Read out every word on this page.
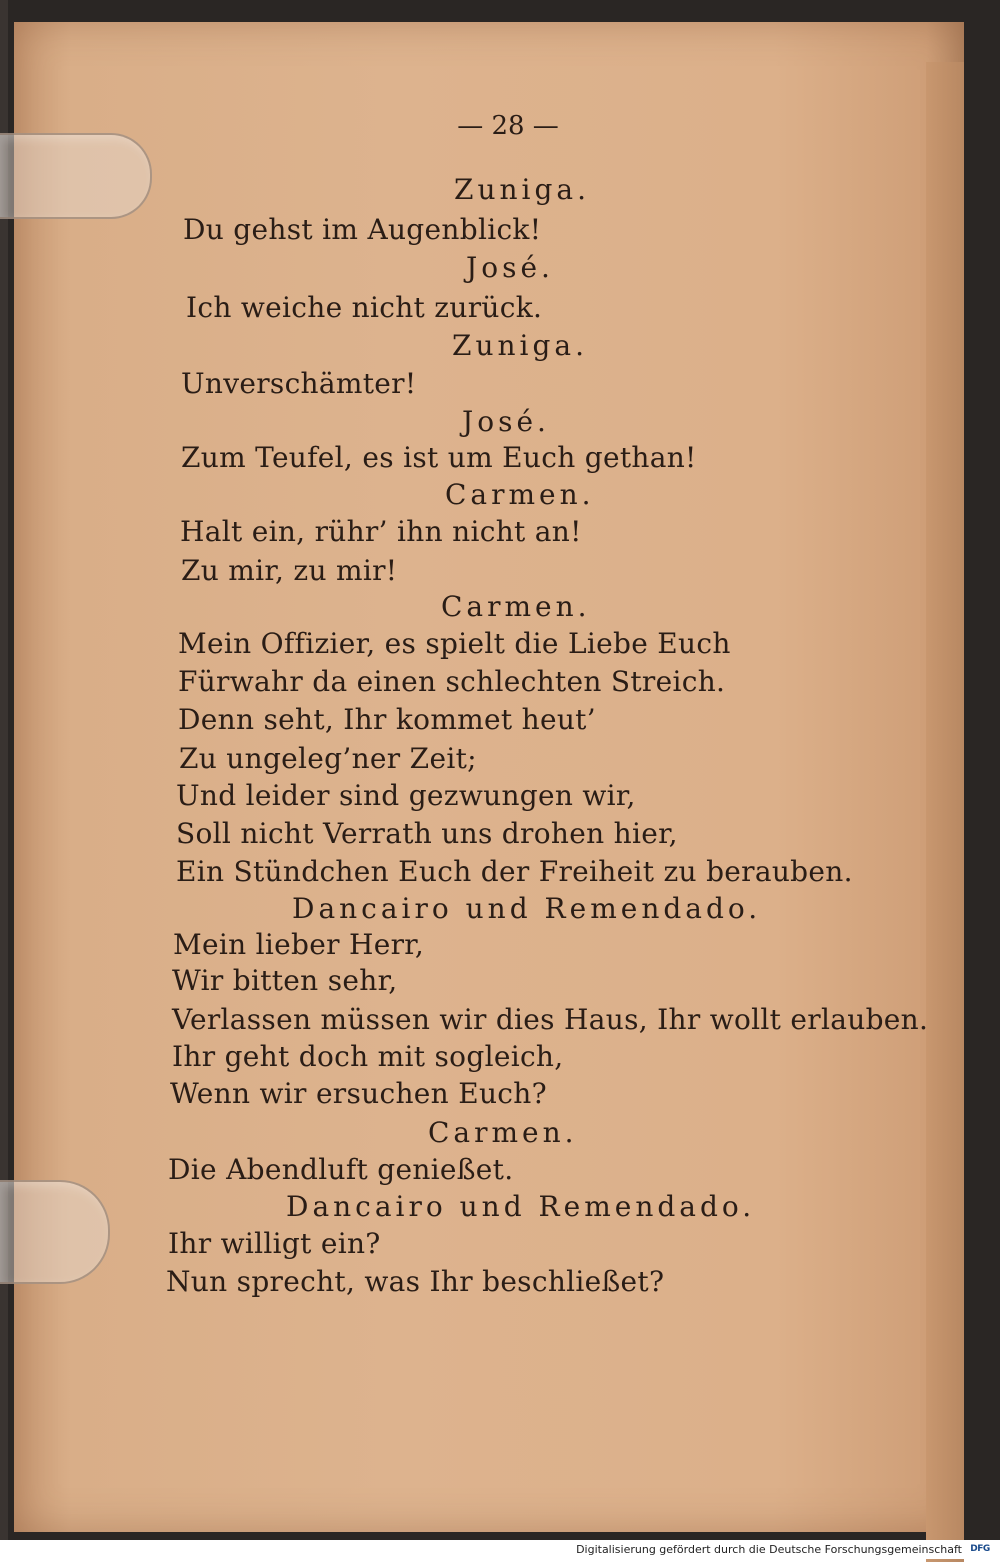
— 28 —
Zuniga.
Du gehst im Augenblick!
José.
Ich weiche nicht zurück.
Zuniga.
Unverschämter!
José.
Zum Teufel, es ist um Euch gethan!
Carmen.
Halt ein, rühr’ ihn nicht an!
Zu mir, zu mir!
Carmen.
Mein Offizier, es spielt die Liebe Euch
Fürwahr da einen schlechten Streich.
Denn seht, Ihr kommet heut’
Zu ungeleg’ner Zeit;
Und leider sind gezwungen wir,
Soll nicht Verrath uns drohen hier,
Ein Stündchen Euch der Freiheit zu berauben.
Dancairo und Remendado.
Mein lieber Herr,
Wir bitten sehr,
Verlassen müssen wir dies Haus, Ihr wollt erlauben.
Ihr geht doch mit sogleich,
Wenn wir ersuchen Euch?
Carmen.
Die Abendluft genießet.
Dancairo und Remendado.
Ihr willigt ein?
Nun sprecht, was Ihr beschließet?
Digitalisierung gefördert durch die Deutsche Forschungsgemeinschaft DFG
